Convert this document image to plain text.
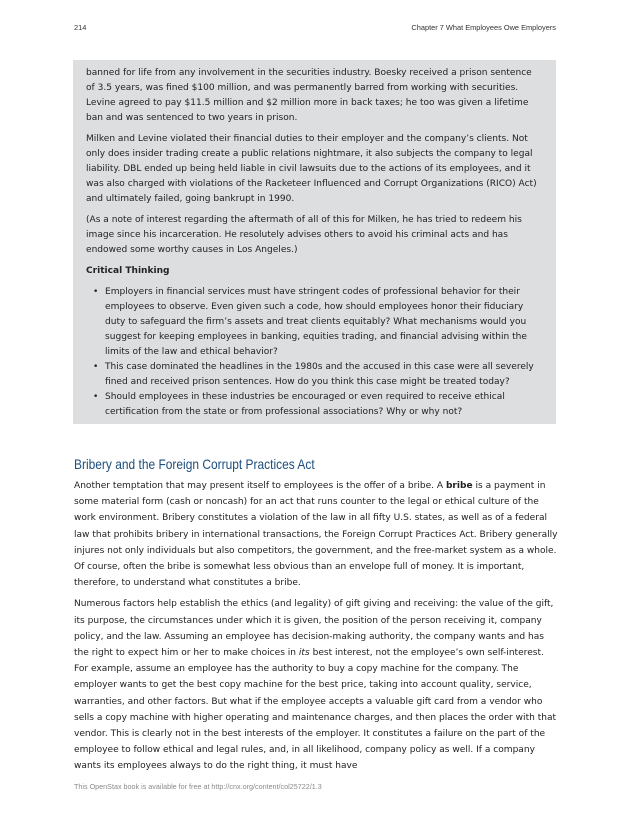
214	Chapter 7 What Employees Owe Employers

banned for life from any involvement in the securities industry. Boesky received a prison sentence of 3.5 years, was fined $100 million, and was permanently barred from working with securities. Levine agreed to pay $11.5 million and $2 million more in back taxes; he too was given a lifetime ban and was sentenced to two years in prison.

Milken and Levine violated their financial duties to their employer and the company’s clients. Not only does insider trading create a public relations nightmare, it also subjects the company to legal liability. DBL ended up being held liable in civil lawsuits due to the actions of its employees, and it was also charged with violations of the Racketeer Influenced and Corrupt Organizations (RICO) Act) and ultimately failed, going bankrupt in 1990.

(As a note of interest regarding the aftermath of all of this for Milken, he has tried to redeem his image since his incarceration. He resolutely advises others to avoid his criminal acts and has endowed some worthy causes in Los Angeles.)

Critical Thinking
• Employers in financial services must have stringent codes of professional behavior for their employees to observe. Even given such a code, how should employees honor their fiduciary duty to safeguard the firm’s assets and treat clients equitably? What mechanisms would you suggest for keeping employees in banking, equities trading, and financial advising within the limits of the law and ethical behavior?
• This case dominated the headlines in the 1980s and the accused in this case were all severely fined and received prison sentences. How do you think this case might be treated today?
• Should employees in these industries be encouraged or even required to receive ethical certification from the state or from professional associations? Why or why not?
Bribery and the Foreign Corrupt Practices Act

Another temptation that may present itself to employees is the offer of a bribe. A bribe is a payment in some material form (cash or noncash) for an act that runs counter to the legal or ethical culture of the work environment. Bribery constitutes a violation of the law in all fifty U.S. states, as well as of a federal law that prohibits bribery in international transactions, the Foreign Corrupt Practices Act. Bribery generally injures not only individuals but also competitors, the government, and the free-market system as a whole. Of course, often the bribe is somewhat less obvious than an envelope full of money. It is important, therefore, to understand what constitutes a bribe.

Numerous factors help establish the ethics (and legality) of gift giving and receiving: the value of the gift, its purpose, the circumstances under which it is given, the position of the person receiving it, company policy, and the law. Assuming an employee has decision-making authority, the company wants and has the right to expect him or her to make choices in its best interest, not the employee’s own self-interest. For example, assume an employee has the authority to buy a copy machine for the company. The employer wants to get the best copy machine for the best price, taking into account quality, service, warranties, and other factors. But what if the employee accepts a valuable gift card from a vendor who sells a copy machine with higher operating and maintenance charges, and then places the order with that vendor. This is clearly not in the best interests of the employer. It constitutes a failure on the part of the employee to follow ethical and legal rules, and, in all likelihood, company policy as well. If a company wants its employees always to do the right thing, it must have

This OpenStax book is available for free at http://cnx.org/content/col25722/1.3
